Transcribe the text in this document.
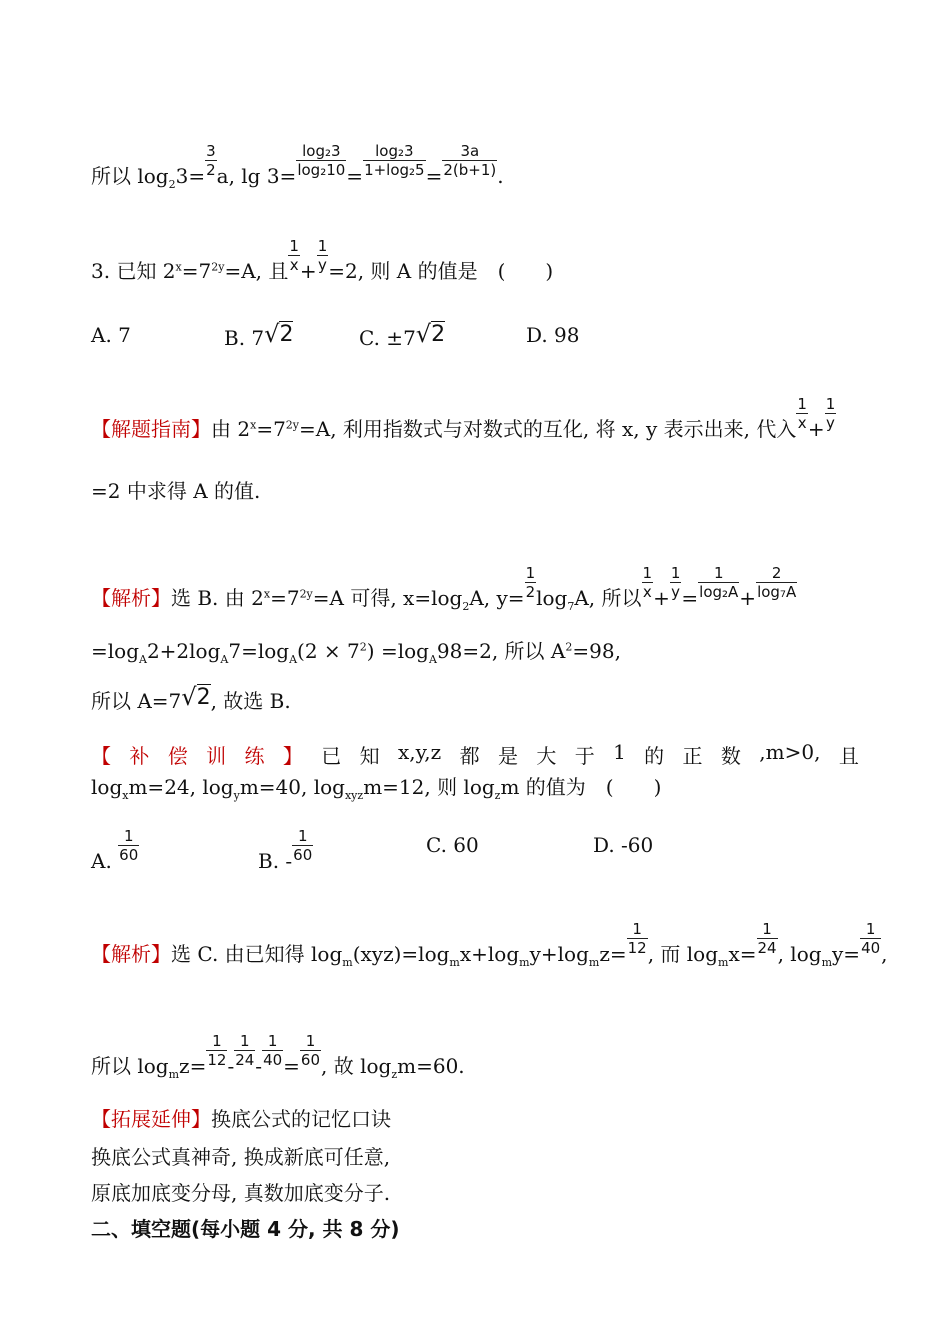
所以 $\log_23= \frac{3}{2} a$, $\lg 3= \frac{\text{log₂3}}{\text{log₂10}} = \frac{\text{log₂3}}{\text{1+log₂5}} = \frac{3a}{2(b+1)}$ .
3. 已知 $2^x=7^{2y}=A$, 且 $\frac{1}{x} + \frac{1}{y} =2$, 则 A 的值是　(　　)
A. 7	B. 7√2	C. ±7√2	D. 98
【解题指南】由 $2^x=7^{2y}=A$, 利用指数式与对数式的互化, 将 x, y 表示出来, 代入 $\frac{1}{x} + \frac{1}{y}$
=2 中求得 A 的值.
【解析】选 B. 由 $2^x=7^{2y}=A$ 可得, $x=\log_2A$, $y= \frac{1}{2} \log_7A$, 所以 $\frac{1}{x} + \frac{1}{y} = \frac{1}{\text{log₂A}} + \frac{2}{\text{log₇A}}$
$=\log_A2+2\log_A7=\log_A(2 \times 7^2) =\log_A98=2$, 所以 $A^2=98$,
所以 A=7√2, 故选 B.
【 补 偿 训 练 】 已 知 x,y,z 都 是 大 于 1 的 正 数 ,m>0, 且
$\log_xm=24$, $\log_ym=40$, $\log_{xyz}m=12$, 则 $\log_zm$ 的值为　(　　)
A. $\frac{1}{60}$	B. - $\frac{1}{60}$	C. 60	D. -60
【解析】选 C. 由已知得 $\log_m(xyz)=\log_mx+\log_my+\log_mz= \frac{1}{12}$ , 而 $\log_mx= \frac{1}{24}$ , $\log_my= \frac{1}{40}$ ,
所以 $\log_mz= \frac{1}{12} - \frac{1}{24} - \frac{1}{40} = \frac{1}{60}$ , 故 $\log_zm=60$.
【拓展延伸】换底公式的记忆口诀
换底公式真神奇, 换成新底可任意,
原底加底变分母, 真数加底变分子.
二、填空题(每小题 4 分, 共 8 分)
